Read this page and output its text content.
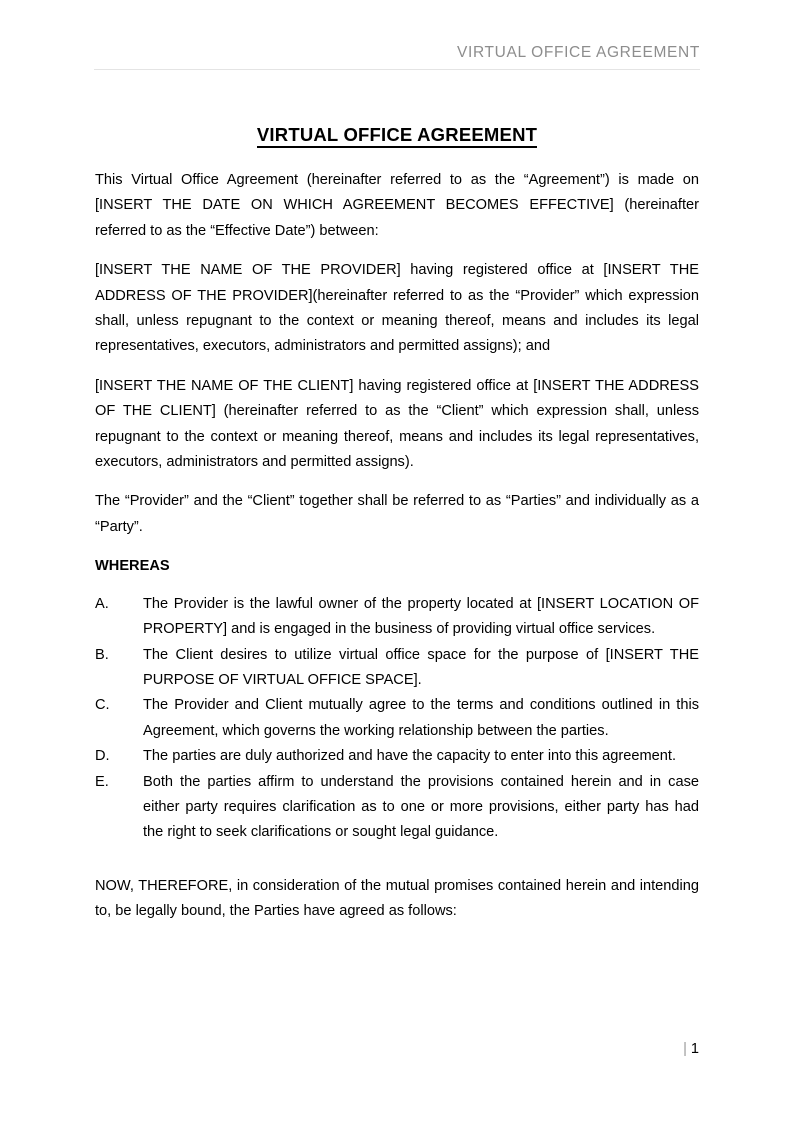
VIRTUAL OFFICE AGREEMENT
VIRTUAL OFFICE AGREEMENT

This Virtual Office Agreement (hereinafter referred to as the “Agreement”) is made on [INSERT THE DATE ON WHICH AGREEMENT BECOMES EFFECTIVE] (hereinafter referred to as the “Effective Date”) between:

[INSERT THE NAME OF THE PROVIDER] having registered office at [INSERT THE ADDRESS OF THE PROVIDER](hereinafter referred to as the “Provider” which expression shall, unless repugnant to the context or meaning thereof, means and includes its legal representatives, executors, administrators and permitted assigns); and

[INSERT THE NAME OF THE CLIENT] having registered office at [INSERT THE ADDRESS OF THE CLIENT] (hereinafter referred to as the “Client” which expression shall, unless repugnant to the context or meaning thereof, means and includes its legal representatives, executors, administrators and permitted assigns).

The “Provider” and the “Client” together shall be referred to as “Parties” and individually as a “Party”.

WHEREAS
A.	The Provider is the lawful owner of the property located at [INSERT LOCATION OF PROPERTY] and is engaged in the business of providing virtual office services.
B.	The Client desires to utilize virtual office space for the purpose of [INSERT THE PURPOSE OF VIRTUAL OFFICE SPACE].
C.	The Provider and Client mutually agree to the terms and conditions outlined in this Agreement, which governs the working relationship between the parties.
D.	The parties are duly authorized and have the capacity to enter into this agreement.
E.	Both the parties affirm to understand the provisions contained herein and in case either party requires clarification as to one or more provisions, either party has had the right to seek clarifications or sought legal guidance.

NOW, THEREFORE, in consideration of the mutual promises contained herein and intending to, be legally bound, the Parties have agreed as follows:

| 1
